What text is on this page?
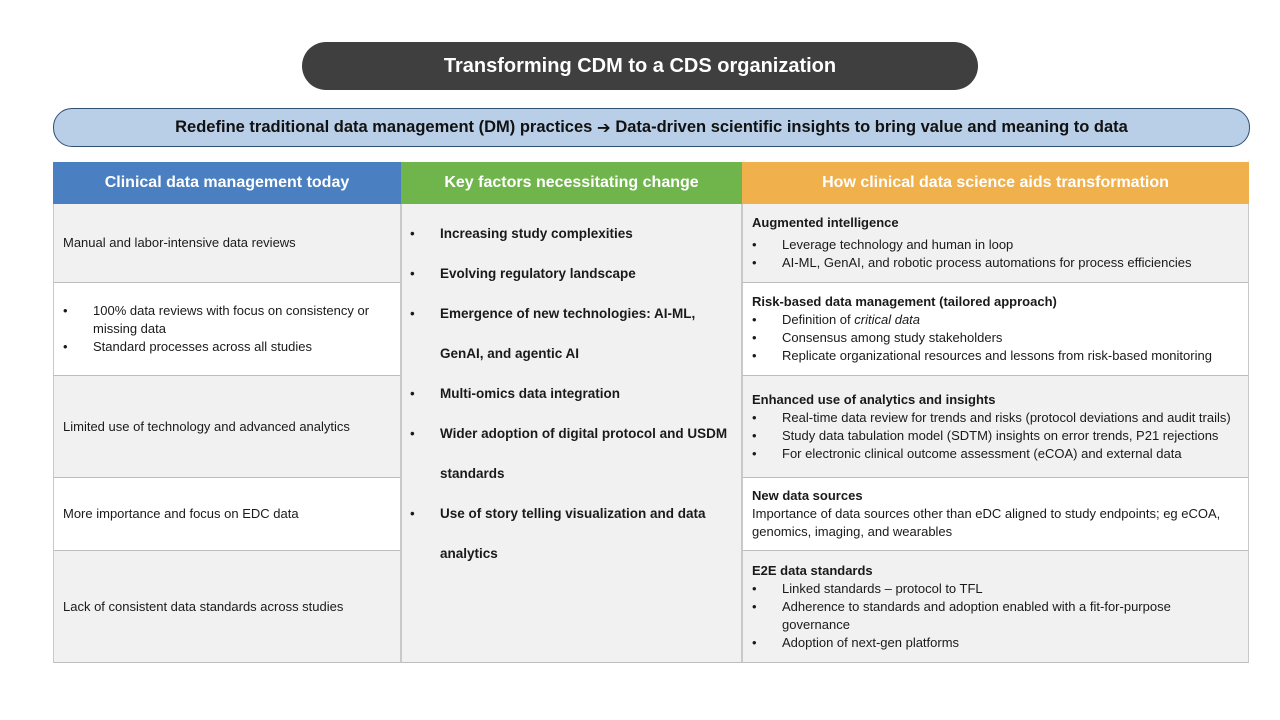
Transforming CDM to a CDS organization
Redefine traditional data management (DM) practices
➔
Data-driven scientific insights to bring value and meaning to data
Clinical data management today
Manual and labor-intensive data reviews
• 100% data reviews with focus on consistency or missing data
• Standard processes across all studies
Limited use of technology and advanced analytics
More importance and focus on EDC data
Lack of consistent data standards across studies
Key factors necessitating change
• Increasing study complexities
• Evolving regulatory landscape
• Emergence of new technologies: AI-ML, GenAI, and agentic AI
• Multi-omics data integration
• Wider adoption of digital protocol and USDM standards
• Use of story telling visualization and data analytics
How clinical data science aids transformation
Augmented intelligence
• Leverage technology and human in loop
• AI-ML, GenAI, and robotic process automations for process efficiencies
Risk-based data management (tailored approach)
• Definition of critical data
• Consensus among study stakeholders
• Replicate organizational resources and lessons from risk-based monitoring
Enhanced use of analytics and insights
• Real-time data review for trends and risks (protocol deviations and audit trails)
• Study data tabulation model (SDTM) insights on error trends, P21 rejections
• For electronic clinical outcome assessment (eCOA) and external data
New data sources
Importance of data sources other than eDC aligned to study endpoints; eg eCOA, genomics, imaging, and wearables
E2E data standards
• Linked standards – protocol to TFL
• Adherence to standards and adoption enabled with a fit-for-purpose governance
• Adoption of next-gen platforms
